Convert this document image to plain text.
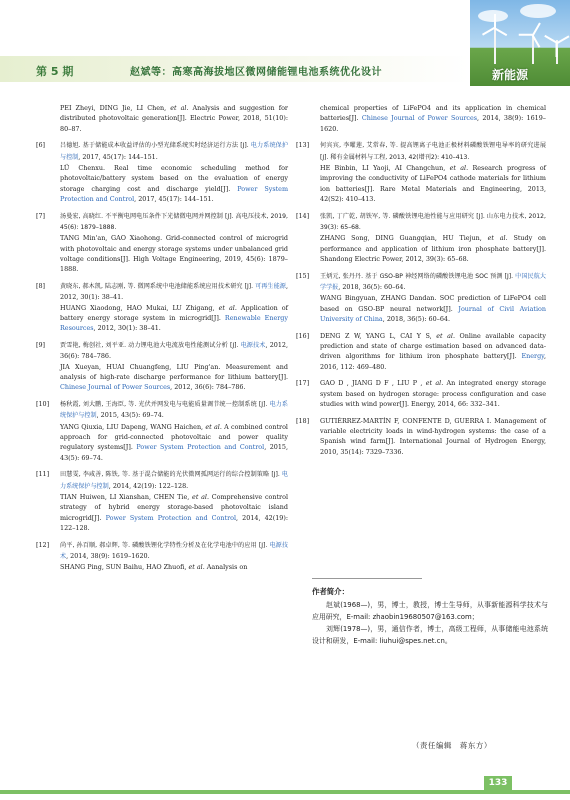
第 5 期	赵斌等：高寒高海拔地区微网储能锂电池系统优化设计	新能源
PEI Zheyi, DING Jie, LI Chen, et al. Analysis and suggestion for distributed photovoltaic generation[J]. Electric Power, 2018, 51(10): 80–87.
[6] 吕德旭. 基于储能成本收益评估的小型光储系统实时经济运行方法 [J]. 电力系统保护与控制, 2017, 45(17): 144–151.
LÜ Chenxu. Real time economic scheduling method for photovoltaic/battery system based on the evaluation of energy storage charging cost and discharge yield[J]. Power System Protection and Control, 2017, 45(17): 144–151.
[7] 汤曼宏, 高晓红. 不平衡电网电压条件下光储微电网并网控制 [J]. 高电压技术, 2019, 45(6): 1879–1888.
TANG Min'an, GAO Xiaohong. Grid-connected control of microgrid with photovoltaic and energy storage systems under unbalanced grid voltage conditions[J]. High Voltage Engineering, 2019, 45(6): 1879–1888.
[8] 黄晓东, 郝木凯, 陆志刚, 等. 微网系统中电池储能系统应用技术研究 [J]. 可再生能源, 2012, 30(1): 38–41.
HUANG Xiaodong, HAO Mukai, LU Zhigang, et al. Application of battery energy storage system in microgrid[J]. Renewable Energy Resources, 2012, 30(1): 38–41.
[9] 贾雪艳, 梅创社, 刘平亚. 动力锂电池大电流放电性能测试分析 [J]. 电源技术, 2012, 36(6): 784–786.
JIA Xueyan, HUAI Chuangfeng, LIU Ping'an. Measurement and analysis of high-rate discharge performance for lithium battery[J]. Chinese Journal of Power Sources, 2012, 36(6): 784–786.
[10] 杨秋霞, 刘大鹏, 王海臣, 等. 光伏并网发电与电能质量调节统一控制系统 [J]. 电力系统保护与控制, 2015, 43(5): 69–74.
YANG Qiuxia, LIU Dapeng, WANG Haichen, et al. A combined control approach for grid-connected photovoltaic and power quality regulatory systems[J]. Power System Protection and Control, 2015, 43(5): 69–74.
[11] 田慧雯, 李咸善, 陈铁, 等. 基于混合储能的光伏微网孤网运行的综合控制策略 [J]. 电力系统保护与控制, 2014, 42(19): 122–128.
TIAN Huiwen, LI Xianshan, CHEN Tie, et al. Comprehensive control strategy of hybrid energy storage-based photovoltaic island microgrid[J]. Power System Protection and Control, 2014, 42(19): 122–128.
[12] 尚平, 孙百顺, 郝卓辉, 等. 磷酸铁锂化学特性分析及在化学电池中的应用 [J]. 电源技术, 2014, 38(9): 1619–1620.
SHANG Ping, SUN Baihu, HAO Zhuofi, et al. Aanalysis on
chemical properties of LiFePO4 and its application in chemical batteries[J]. Chinese Journal of Power Sources, 2014, 38(9): 1619–1620.
[13] 何宾宾, 李曜莲, 艾常春, 等. 提高锂离子电池正极材料磷酸铁锂电导率的研究进展 [J]. 稀有金属材料与工程, 2013, 42(增刊2): 410–413.
HE Binbin, LI Yaoji, AI Changchun, et al. Research progress of improving the conductivity of LiFePO4 cathode materials for lithium ion batteries[J]. Rare Metal Materials and Engineering, 2013, 42(S2): 410–413.
[14] 张凯, 丁广乾, 胡铁军, 等. 磷酸铁锂电池性能与应用研究 [J]. 山东电力技术, 2012, 39(3): 65–68.
ZHANG Song, DING Guangqian, HU Tiejun, et al. Study on performance and application of lithium iron phosphate battery[J]. Shandong Electric Power, 2012, 39(3): 65–68.
[15] 王炳元, 张丹丹. 基于 GSO-BP 神经网络的磷酸铁锂电池 SOC 预测 [J]. 中国民航大学学报, 2018, 36(5): 60–64.
WANG Bingyuan, ZHANG Dandan. SOC prediction of LiFePO4 cell based on GSO-BP neural network[J]. Journal of Civil Aviation University of China, 2018, 36(5): 60–64.
[16] DENG Z W, YANG L, CAI Y S, et al. Online available capacity prediction and state of charge estimation based on advanced data-driven algorithms for lithium iron phosphate battery[J]. Energy, 2016, 112: 469–480.
[17] GAO D , JIANG D F , LIU P , et al. An integrated energy storage system based on hydrogen storage: process configuration and case studies with wind power[J]. Energy, 2014, 66: 332–341.
[18] GUTIÉRREZ-MARTÍN F, CONFENTE D, GUERRA I. Management of variable electricity loads in wind-hydrogen systems: the case of a Spanish wind farm[J]. International Journal of Hydrogen Energy, 2010, 35(14): 7329–7336.
作者简介：

赵斌(1968—)，男，博士，教授，博士生导师，从事新能源科学技术与应用研究，E-mail: zhaobin19680507@163.com；

刘辉(1978—)，男，通信作者，博士，高级工程师，从事储能电池系统设计和研发，E-mail: liuhui@spes.net.cn。

（责任编辑　蒋东方）
133
